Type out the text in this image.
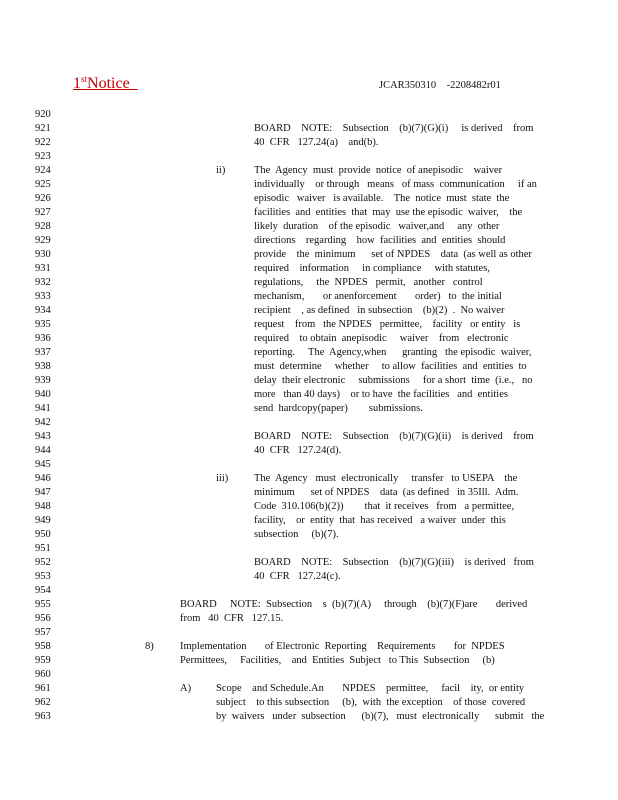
1stNotice	JCAR350310    -2208482r01
920
921
922
923
924
925
926
927
928
929
930
931
932
933
934
935
936
937
938
939
940
941
942
943
944
945
946
947
948
949
950
951
952
953
954
955
956
957
958
959
960
961
962
963
BOARD    NOTE:    Subsection    (b)(7)(G)(i)     is derived    from
40  CFR   127.24(a)    and(b).
ii)	The  Agency  must  provide  notice  of anepisodic    waiver
individually    or through   means   of mass  communication     if an
episodic   waiver   is available.    The  notice  must  state  the
facilities  and  entities  that  may  use the episodic  waiver,    the
likely  duration    of the episodic   waiver,and     any  other
directions    regarding    how  facilities  and  entities  should
provide    the  minimum      set of NPDES    data  (as well as other
required    information     in compliance     with statutes,
regulations,     the  NPDES   permit,   another   control
mechanism,       or anenforcement       order)   to  the initial
recipient    , as defined   in subsection    (b)(2)  .  No waiver
request    from   the NPDES   permittee,    facility   or entity   is
required    to obtain  anepisodic     waiver    from   electronic
reporting.     The  Agency,when      granting   the episodic  waiver,
must  determine     whether     to allow  facilities  and  entities  to
delay  their electronic     submissions     for a short  time  (i.e.,   no
more   than 40 days)    or to have  the facilities   and  entities
send  hardcopy(paper)        submissions.
BOARD    NOTE:    Subsection    (b)(7)(G)(ii)    is derived    from
40  CFR   127.24(d).
iii) The  Agency   must  electronically     transfer   to USEPA    the
minimum      set of NPDES    data  (as defined   in 35Ill.  Adm.
Code  310.106(b)(2))        that  it receives   from   a permittee,
facility,    or  entity  that  has received   a waiver  under  this
subsection     (b)(7).
BOARD    NOTE:    Subsection    (b)(7)(G)(iii)    is derived   from
40  CFR   127.24(c).
BOARD     NOTE:  Subsection    s  (b)(7)(A)     through    (b)(7)(F)are       derived
from   40  CFR   127.15.
8)	Implementation       of Electronic  Reporting    Requirements       for  NPDES
Permittees,     Facilities,    and  Entities  Subject   to This  Subsection     (b)
A) Scope    and Schedule.An       NPDES    permittee,     facil    ity,  or entity
subject    to this subsection     (b),  with  the exception    of those  covered
by  waivers   under  subsection      (b)(7),   must  electronically      submit   the
